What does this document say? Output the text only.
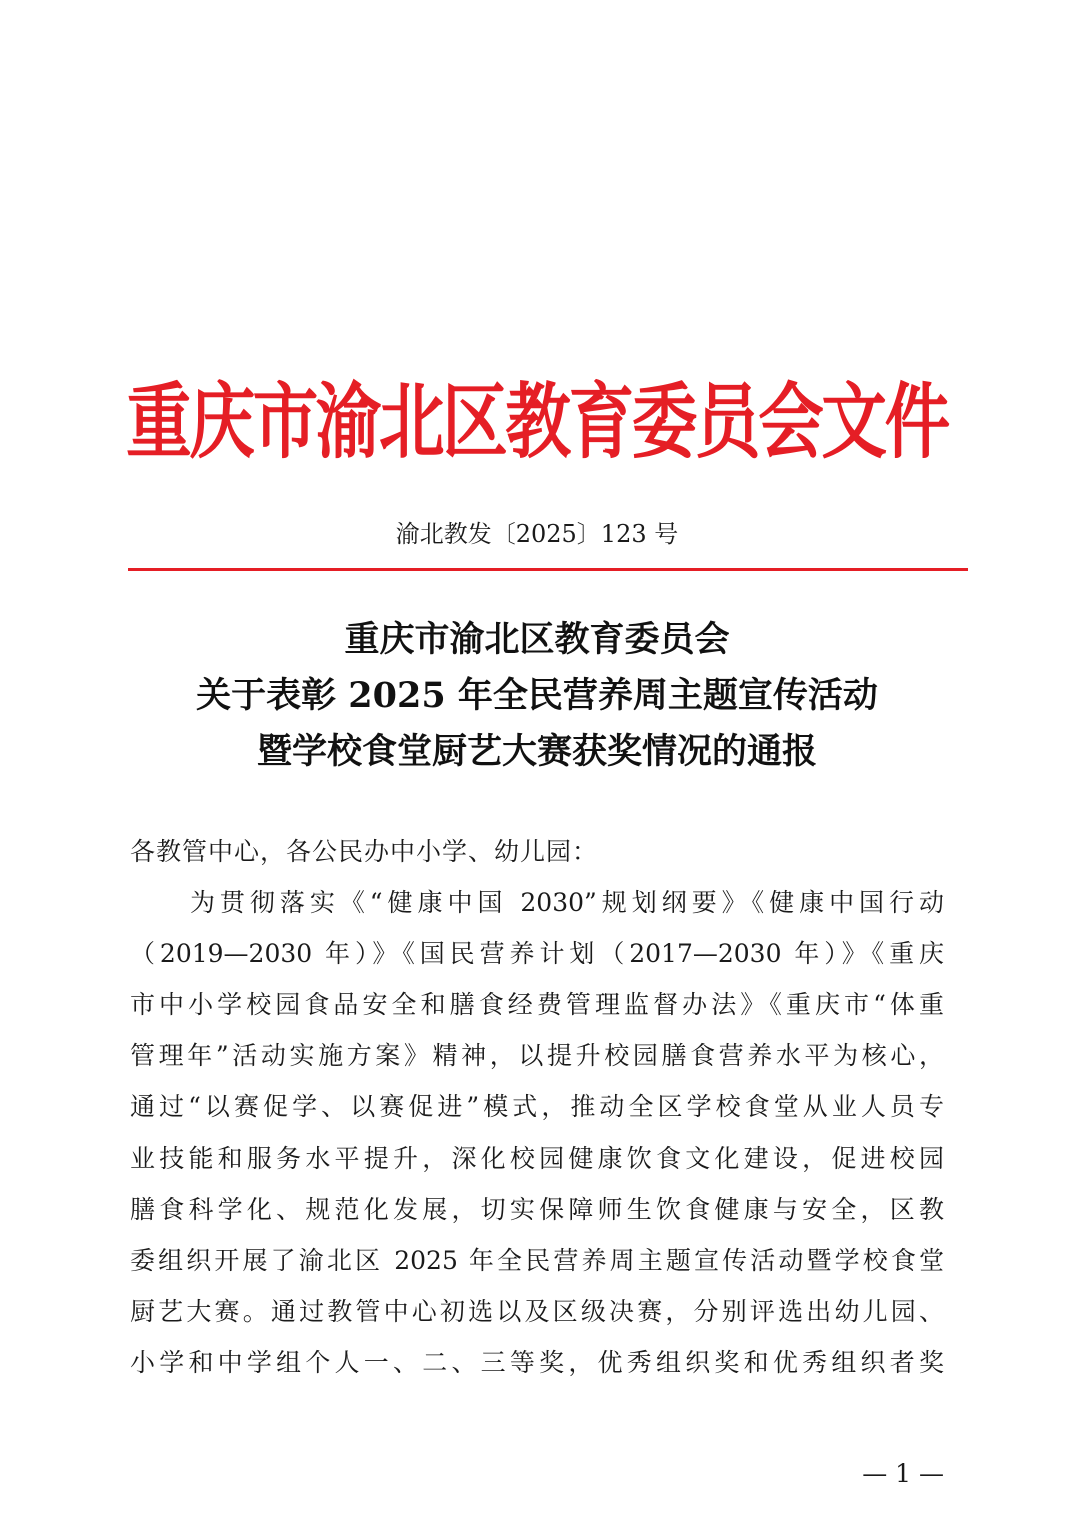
重庆市渝北区教育委员会文件
渝北教发〔2025〕123 号
重庆市渝北区教育委员会
关于表彰 2025 年全民营养周主题宣传活动
暨学校食堂厨艺大赛获奖情况的通报
各教管中心，各公民办中小学、幼儿园：
　　为贯彻落实《“健康中国 2030”规划纲要》《健康中国行动
（2019—2030 年）》《国民营养计划（2017—2030 年）》《重庆
市中小学校园食品安全和膳食经费管理监督办法》《重庆市“体重
管理年”活动实施方案》精神，以提升校园膳食营养水平为核心，
通过“以赛促学、以赛促进”模式，推动全区学校食堂从业人员专
业技能和服务水平提升，深化校园健康饮食文化建设，促进校园
膳食科学化、规范化发展，切实保障师生饮食健康与安全，区教
委组织开展了渝北区 2025 年全民营养周主题宣传活动暨学校食堂
厨艺大赛。通过教管中心初选以及区级决赛，分别评选出幼儿园、
小学和中学组个人一、二、三等奖，优秀组织奖和优秀组织者奖
— 1 —
